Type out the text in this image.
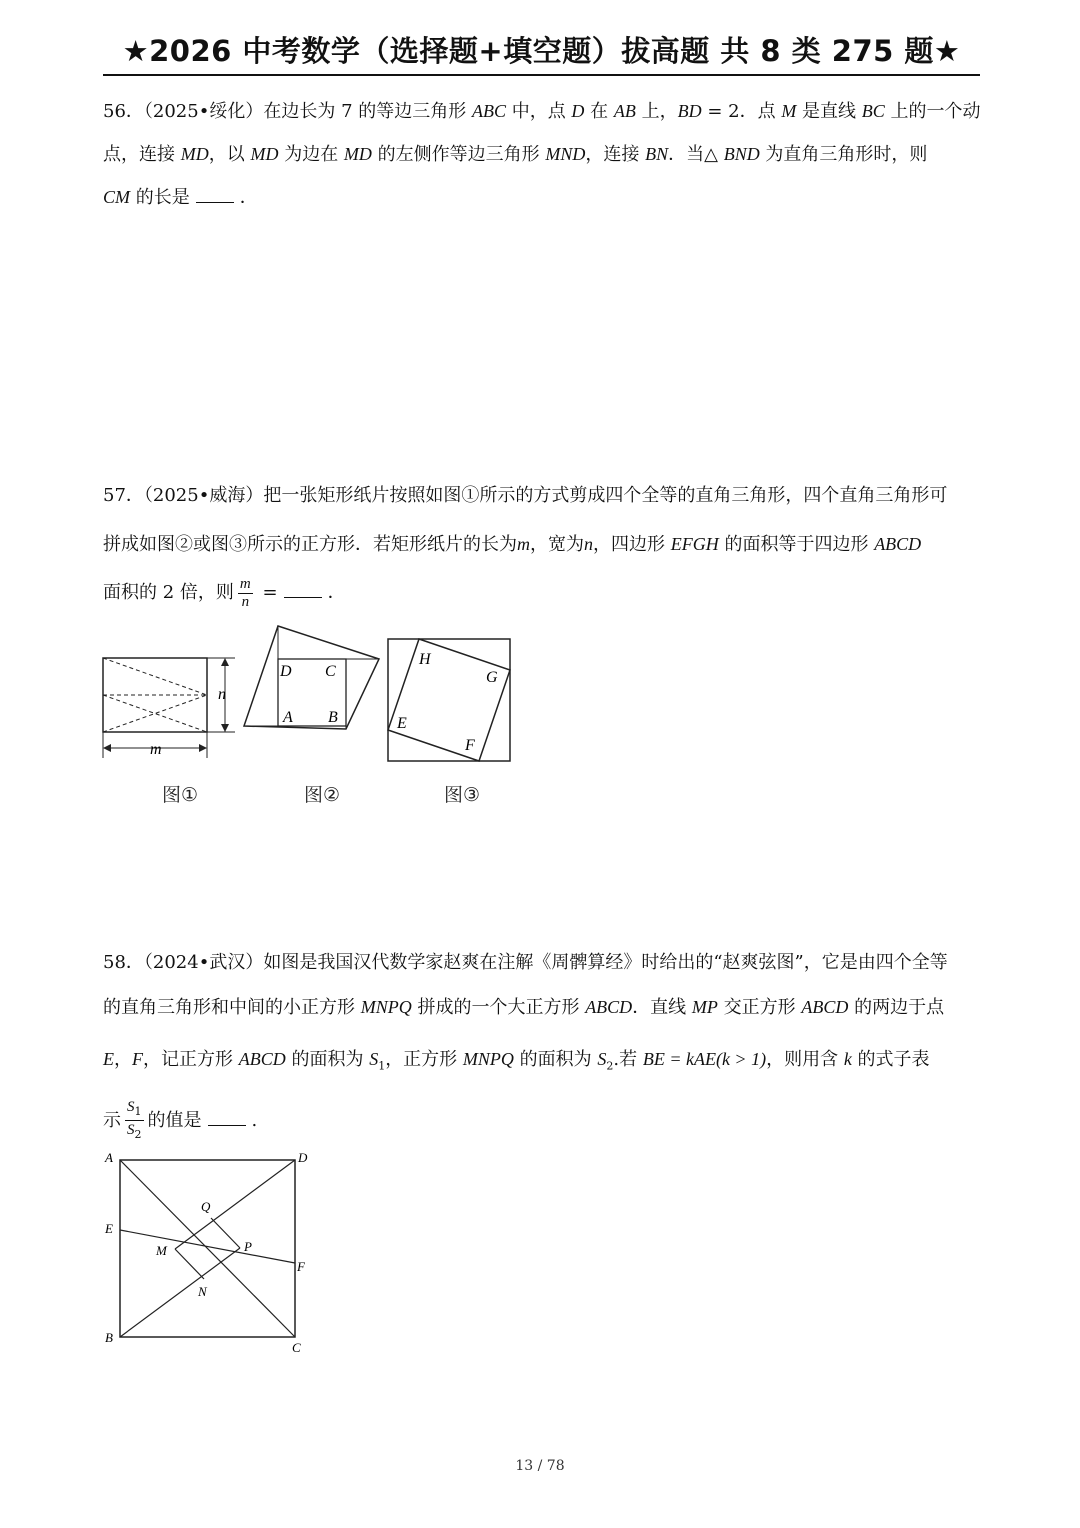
★2026 中考数学（选择题+填空题）拔高题 共 8 类 275 题★
56．（2025•绥化）在边长为 7 的等边三角形 ABC 中，点 D 在 AB 上，BD = 2．点 M 是直线 BC 上的一个动
点，连接 MD，以 MD 为边在 MD 的左侧作等边三角形 MND，连接 BN．当△ BND 为直角三角形时，则
CM 的长是	．
57．（2025•威海）把一张矩形纸片按照如图①所示的方式剪成四个全等的直角三角形，四个直角三角形可
拼成如图②或图③所示的正方形．若矩形纸片的长为m，宽为n，四边形 EFGH 的面积等于四边形 ABCD
面积的 2 倍，则 $\frac{m}{n}$ =	．
n
m
图①
D C
A B
图②
H
G
E
F
图③
58．（2024•武汉）如图是我国汉代数学家赵爽在注解《周髀算经》时给出的“赵爽弦图”，它是由四个全等
的直角三角形和中间的小正方形 MNPQ 拼成的一个大正方形 ABCD．直线 MP 交正方形 ABCD 的两边于点
E，F，记正方形 ABCD 的面积为 $S_1$，正方形 MNPQ 的面积为 $S_2$.若 BE = kAE(k > 1)，则用含 k 的式子表
示 $\frac{S_1}{S_2}$ 的值是	.
A	D
E
Q
M	P
F
N
B
C
13 / 78
